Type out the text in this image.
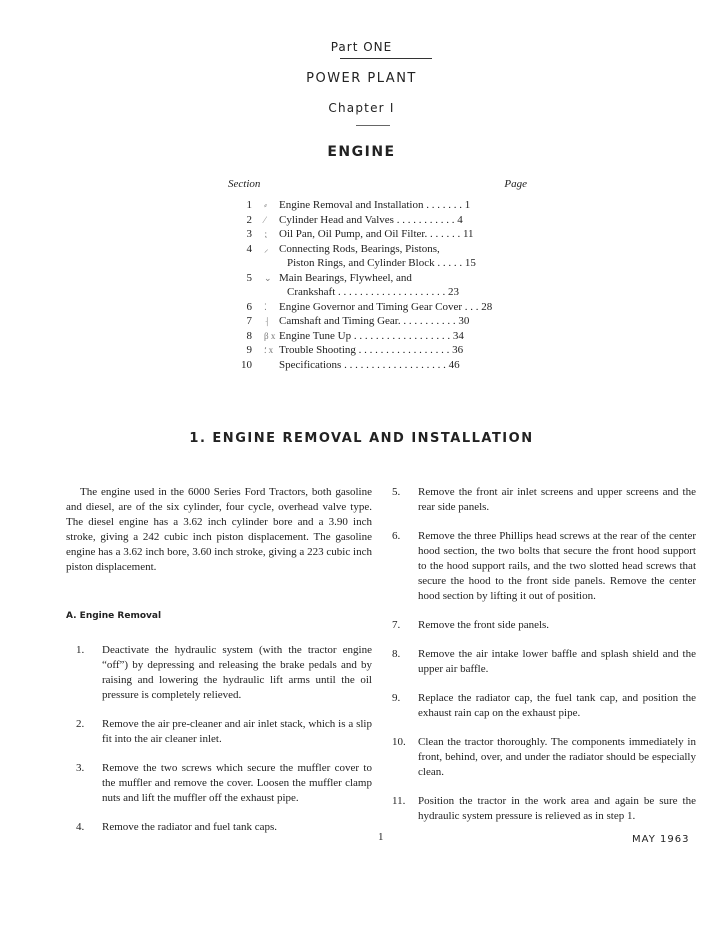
Part ONE
POWER PLANT
Chapter I
ENGINE
Section	Page
1	⸗ Engine Removal and Installation . . . . . . . 1
2	⁄ Cylinder Head and Valves . . . . . . . . . . . 4
3	⁏ Oil Pan, Oil Pump, and Oil Filter. . . . . . . 11
4	⸝ Connecting Rods, Bearings, Pistons,
Piston Rings, and Cylinder Block . . . . . 15
5	⌄ Main Bearings, Flywheel, and
Crankshaft . . . . . . . . . . . . . . . . . . . . 23
6	⁚ Engine Governor and Timing Gear Cover . . . 28
7	⸡ Camshaft and Timing Gear. . . . . . . . . . . 30
8	β x Engine Tune Up . . . . . . . . . . . . . . . . . . 34
9	⸵ x Trouble Shooting . . . . . . . . . . . . . . . . . 36
10	Specifications . . . . . . . . . . . . . . . . . . . 46
1. ENGINE REMOVAL AND INSTALLATION

The engine used in the 6000 Series Ford Tractors, both gasoline and diesel, are of the six cylinder, four cycle, overhead valve type. The diesel engine has a 3.62 inch cylinder bore and a 3.90 inch stroke, giving a 242 cubic inch piston displacement. The gasoline engine has a 3.62 inch bore, 3.60 inch stroke, giving a 223 cubic inch piston displacement.

A. Engine Removal
1.	Deactivate the hydraulic system (with the tractor engine “off”) by depressing and releasing the brake pedals and by raising and lowering the hydraulic lift arms until the oil pressure is completely relieved.
2.	Remove the air pre-cleaner and air inlet stack, which is a slip fit into the air cleaner inlet.
3.	Remove the two screws which secure the muffler cover to the muffler and remove the cover. Loosen the muffler clamp nuts and lift the muffler off the exhaust pipe.
4.	Remove the radiator and fuel tank caps.
5.	Remove the front air inlet screens and upper screens and the rear side panels.
6.	Remove the three Phillips head screws at the rear of the center hood section, the two bolts that secure the front hood support to the hood support rails, and the two slotted head screws that secure the hood to the front side panels. Remove the center hood section by lifting it out of position.
7.	Remove the front side panels.
8.	Remove the air intake lower baffle and splash shield and the upper air baffle.
9.	Replace the radiator cap, the fuel tank cap, and position the exhaust rain cap on the exhaust pipe.
10.	Clean the tractor thoroughly. The components immediately in front, behind, over, and under the radiator should be especially clean.
11.	Position the tractor in the work area and again be sure the hydraulic system pressure is relieved as in step 1.
1	MAY 1963
